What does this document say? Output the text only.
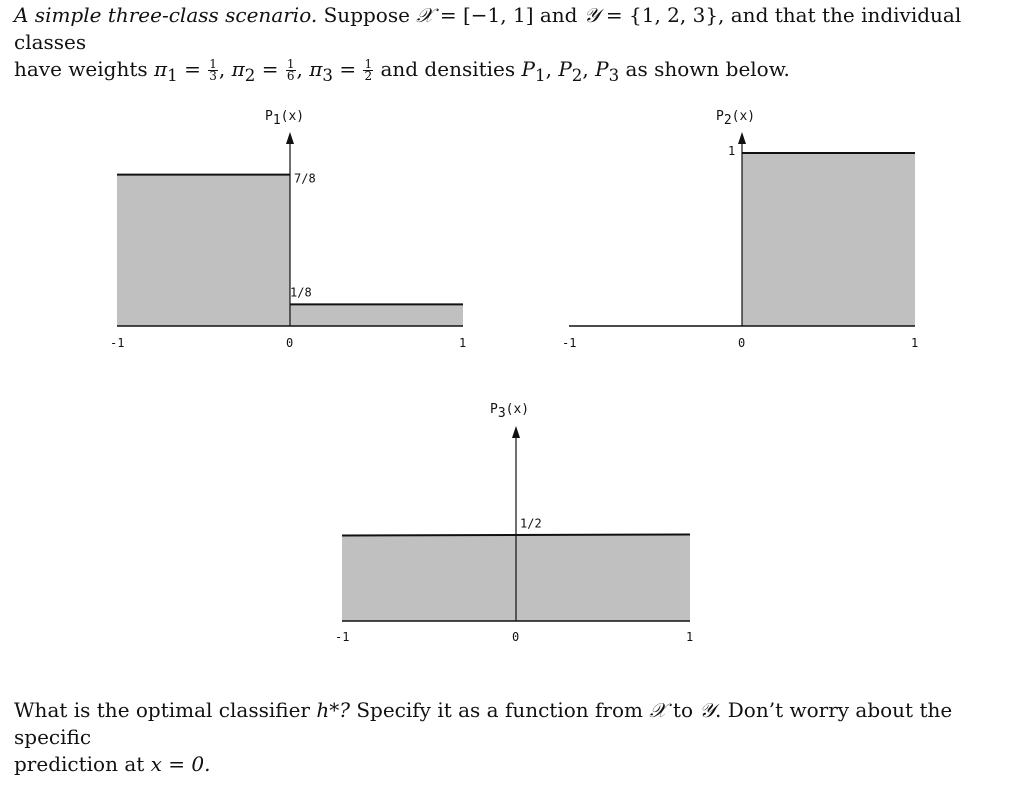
A simple three-class scenario. Suppose 𝒳 = [−1, 1] and 𝒴 = {1, 2, 3}, and that the individual classes
have weights $\pi_1 = \frac{1}{3}$ , $\pi_2 = \frac{1}{6}$ , $\pi_3 = \frac{1}{2}$ and densities $P_1$, $P_2$, $P_3$ as shown below.
P1(x)
-1	0	1
7/8
1/8
P2(x)
-1	0	1
1
P3(x)
-1	0	1
1/2
What is the optimal classifier h*? Specify it as a function from 𝒳 to 𝒴. Don’t worry about the specific
prediction at x = 0.
